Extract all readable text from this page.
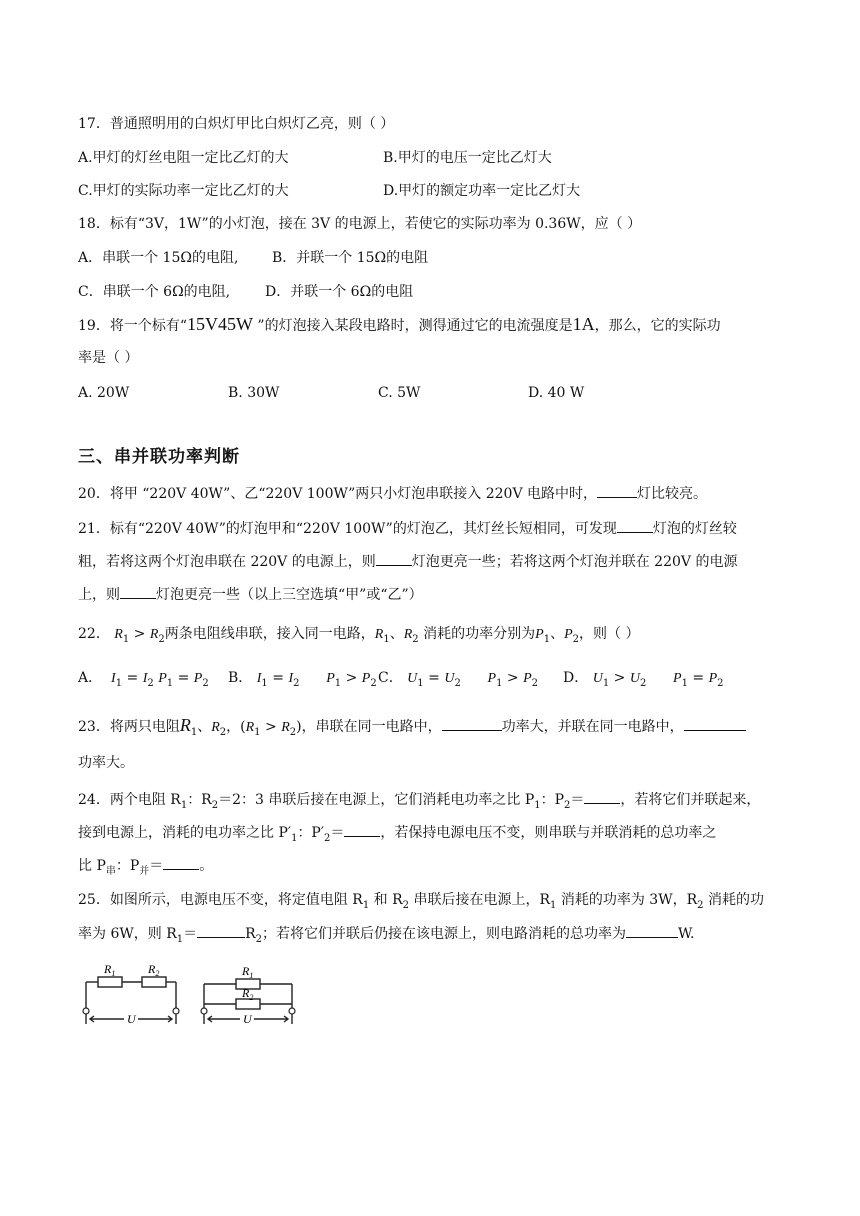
17．普通照明用的白炽灯甲比白炽灯乙亮，则（ ）
A.甲灯的灯丝电阻一定比乙灯的大	B.甲灯的电压一定比乙灯大
C.甲灯的实际功率一定比乙灯的大	D.甲灯的额定功率一定比乙灯大
18．标有“3V，1W”的小灯泡，接在 3V 的电源上，若使它的实际功率为 0.36W，应（ ）
A．串联一个 15Ω的电阻, B．并联一个 15Ω的电阻
C．串联一个 6Ω的电阻, D．并联一个 6Ω的电阻
19．将一个标有“15V45W ”的灯泡接入某段电路时，测得通过它的电流强度是1A，那么，它的实际功
率是（ ）
A. 20W	B. 30W	C. 5W	D. 40 W
三、串并联功率判断
20．将甲 “220V 40W”、乙“220V 100W”两只小灯泡串联接入 220V 电路中时，	灯比较亮。
21．标有“220V 40W”的灯泡甲和“220V 100W”的灯泡乙，其灯丝长短相同，可发现	灯泡的灯丝较
粗，若将这两个灯泡串联在 220V 的电源上，则	灯泡更亮一些；若将这两个灯泡并联在 220V 的电源
上，则	灯泡更亮一些（以上三空选填“甲”或“乙”）
22． $R_1 > R_2$两条电阻线串联，接入同一电路，$R_1$、$R_2$ 消耗的功率分别为$P_1$、$P_2$，则（ ）
A． $I_1 = I_2$ $P_1 = P_2$ B． $I_1 = I_2$ $P_1 > P_2$ C． $U_1 = U_2$ $P_1 > P_2$ D． $U_1 > U_2$ $P_1 = P_2$
23．将两只电阻$R_1$、$R_2$，$(R_1 > R_2)$，串联在同一电路中，	功率大，并联在同一电路中，
功率大。
24．两个电阻 $R_1$：$R_2=2$：3 串联后接在电源上，它们消耗电功率之比 $P_1$：$P_2=$	，若将它们并联起来，
接到电源上，消耗的电功率之比 $P'_1$：$P'_2=$	，若保持电源电压不变，则串联与并联消耗的总功率之
比 $P_串$：$P_并=$	。
25．如图所示，电源电压不变，将定值电阻 $R_1$ 和 $R_2$ 串联后接在电源上，$R_1$ 消耗的功率为 3W，$R_2$ 消耗的功
率为 6W，则 $R_1=$	$R_2$；若将它们并联后仍接在该电源上，则电路消耗的总功率为	W.
$R_1$	$R_2$
U
$R_1$
$R_2$
U
